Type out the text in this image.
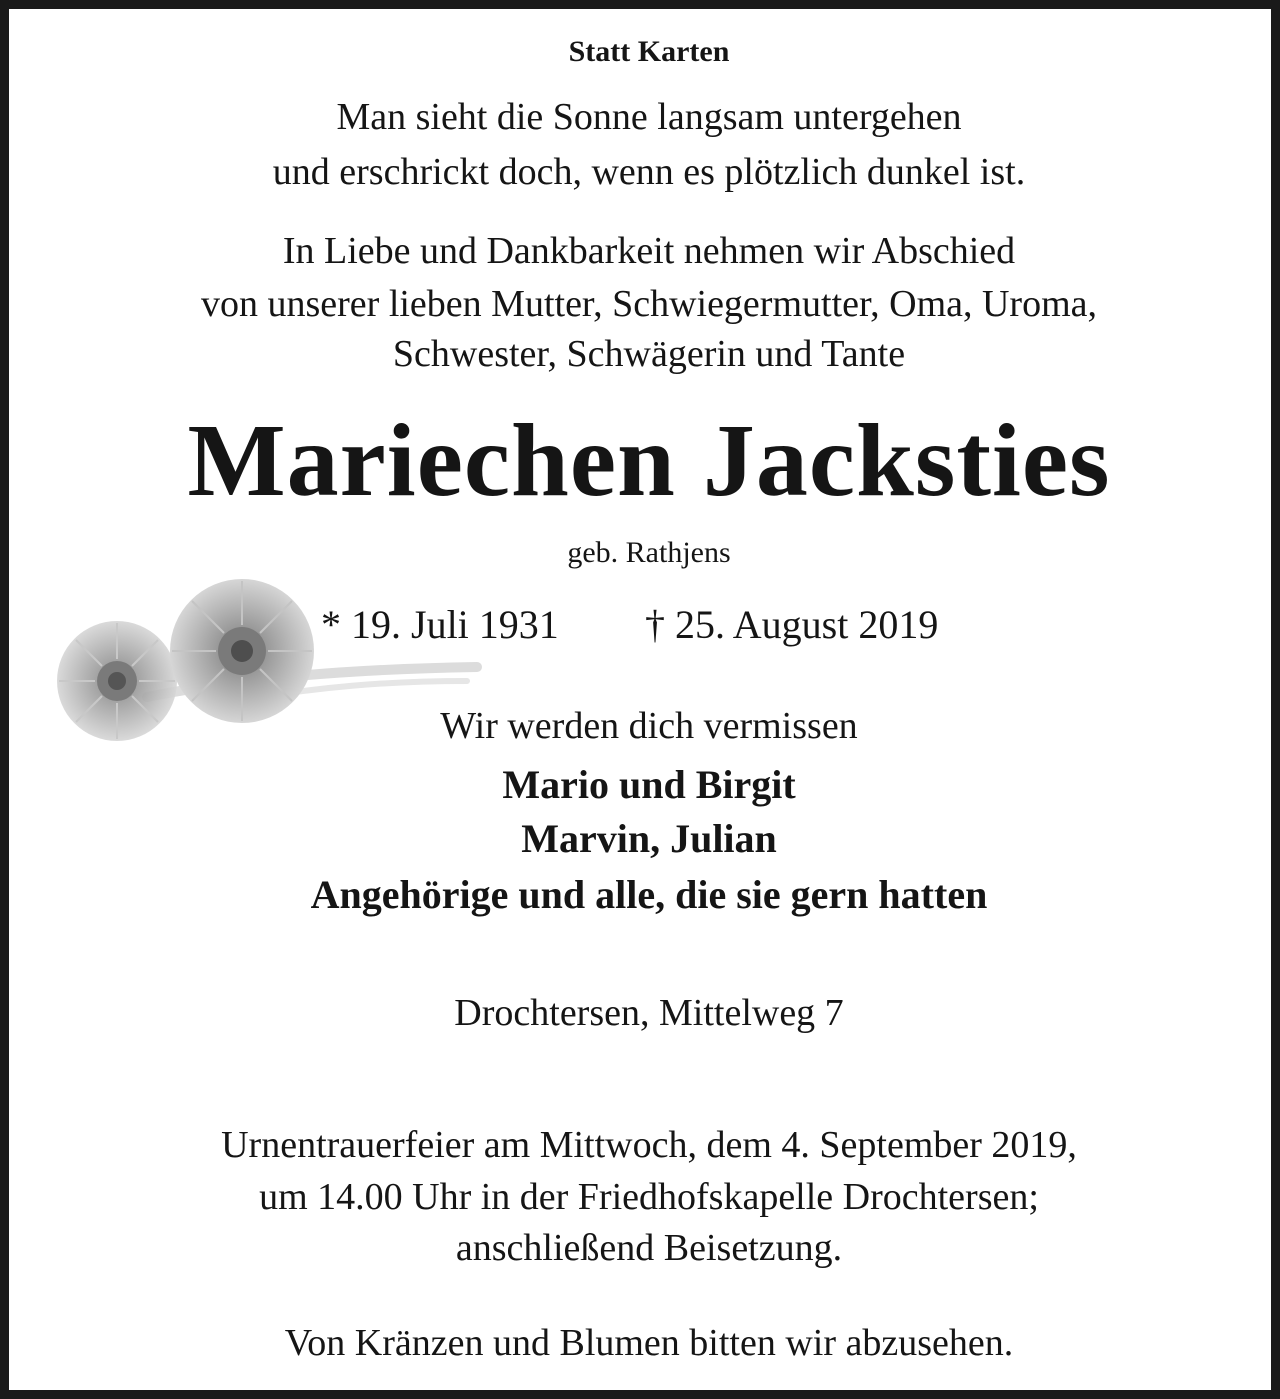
Statt Karten

Man sieht die Sonne langsam untergehen

und erschrickt doch, wenn es plötzlich dunkel ist.

In Liebe und Dankbarkeit nehmen wir Abschied

von unserer lieben Mutter, Schwiegermutter, Oma, Uroma,

Schwester, Schwägerin und Tante

Mariechen Jacksties

geb. Rathjens

* 19. Juli 1931 † 25. August 2019

Wir werden dich vermissen

Mario und Birgit

Marvin, Julian

Angehörige und alle, die sie gern hatten

Drochtersen, Mittelweg 7

Urnentrauerfeier am Mittwoch, dem 4. September 2019,

um 14.00 Uhr in der Friedhofskapelle Drochtersen;

anschließend Beisetzung.

Von Kränzen und Blumen bitten wir abzusehen.
